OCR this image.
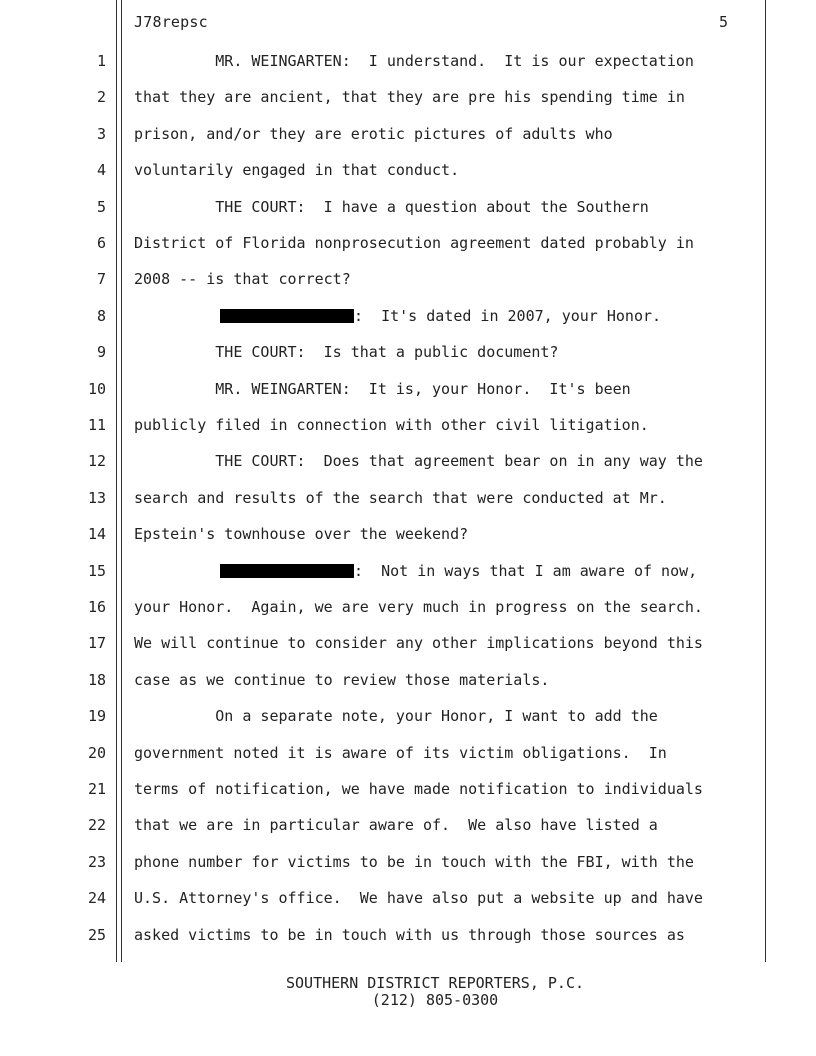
J78repsc	5
1 MR. WEINGARTEN:  I understand.  It is our expectation
2 that they are ancient, that they are pre his spending time in
3 prison, and/or they are erotic pictures of adults who
4 voluntarily engaged in that conduct.
5 THE COURT:  I have a question about the Southern
6 District of Florida nonprosecution agreement dated probably in
7 2008 -- is that correct?
8	:  It's dated in 2007, your Honor.
9 THE COURT:  Is that a public document?
10 MR. WEINGARTEN:  It is, your Honor.  It's been
11 publicly filed in connection with other civil litigation.
12 THE COURT:  Does that agreement bear on in any way the
13 search and results of the search that were conducted at Mr.
14 Epstein's townhouse over the weekend?
15	:  Not in ways that I am aware of now,
16 your Honor.  Again, we are very much in progress on the search.
17 We will continue to consider any other implications beyond this
18 case as we continue to review those materials.
19 On a separate note, your Honor, I want to add the
20 government noted it is aware of its victim obligations.  In
21 terms of notification, we have made notification to individuals
22 that we are in particular aware of.  We also have listed a
23 phone number for victims to be in touch with the FBI, with the
24 U.S. Attorney's office.  We have also put a website up and have
25 asked victims to be in touch with us through those sources as
SOUTHERN DISTRICT REPORTERS, P.C.
(212) 805-0300
